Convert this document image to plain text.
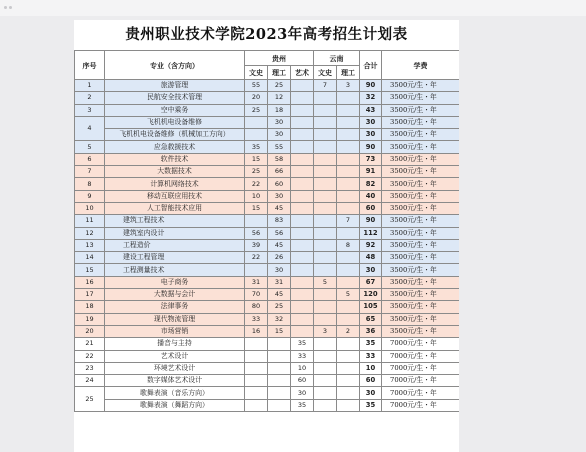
贵州职业技术学院2023年高考招生计划表
序号	专业（含方向）	贵州			云南		合计	学费
		文史	理工	艺术	文史	理工		
1	旅游管理	55	25		7	3	90	3500元/生・年
2	民航安全技术管理	20	12				32	3500元/生・年
3	空中乘务	25	18				43	3500元/生・年
4	飞机机电设备维修		30				30	3500元/生・年
	飞机机电设备维修（机械加工方向）		30				30	3500元/生・年
5	应急救援技术	35	55				90	3500元/生・年
6	软件技术	15	58				73	3500元/生・年
7	大数据技术	25	66				91	3500元/生・年
8	计算机网络技术	22	60				82	3500元/生・年
9	移动互联应用技术	10	30				40	3500元/生・年
10	人工智能技术应用	15	45				60	3500元/生・年
11	建筑工程技术		83			7	90	3500元/生・年
12	建筑室内设计	56	56				112	3500元/生・年
13	工程造价	39	45			8	92	3500元/生・年
14	建设工程管理	22	26				48	3500元/生・年
15	工程测量技术		30				30	3500元/生・年
16	电子商务	31	31		5		67	3500元/生・年
17	大数据与会计	70	45			5	120	3500元/生・年
18	法律事务	80	25				105	3500元/生・年
19	现代物流管理	33	32				65	3500元/生・年
20	市场营销	16	15		3	2	36	3500元/生・年
21	播音与主持			35			35	7000元/生・年
22	艺术设计			33			33	7000元/生・年
23	环境艺术设计			10			10	7000元/生・年
24	数字媒体艺术设计			60			60	7000元/生・年
25	歌舞表演（音乐方向）			30			30	7000元/生・年
	歌舞表演（舞蹈方向）			35			35	7000元/生・年
